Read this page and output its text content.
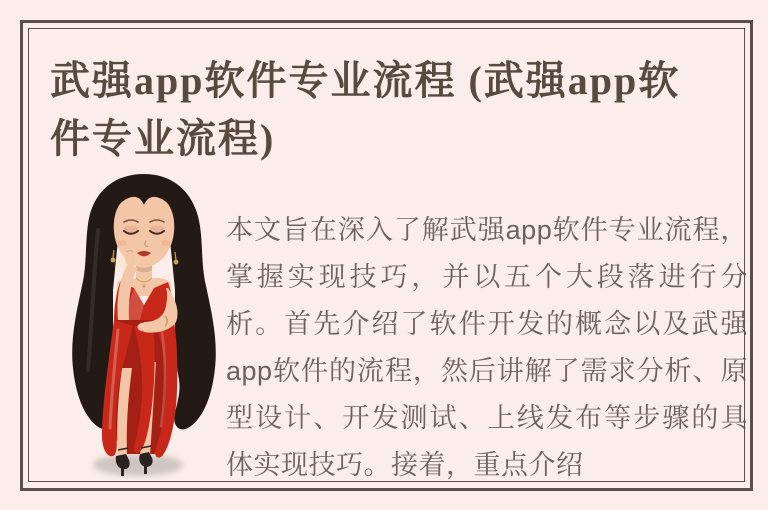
武强app软件专业流程 (武强app软件专业流程)

本文旨在深入了解武强app软件专业流程，掌握实现技巧，并以五个大段落进行分析。首先介绍了软件开发的概念以及武强app软件的流程，然后讲解了需求分析、原型设计、开发测试、上线发布等步骤的具体实现技巧。接着，重点介绍
